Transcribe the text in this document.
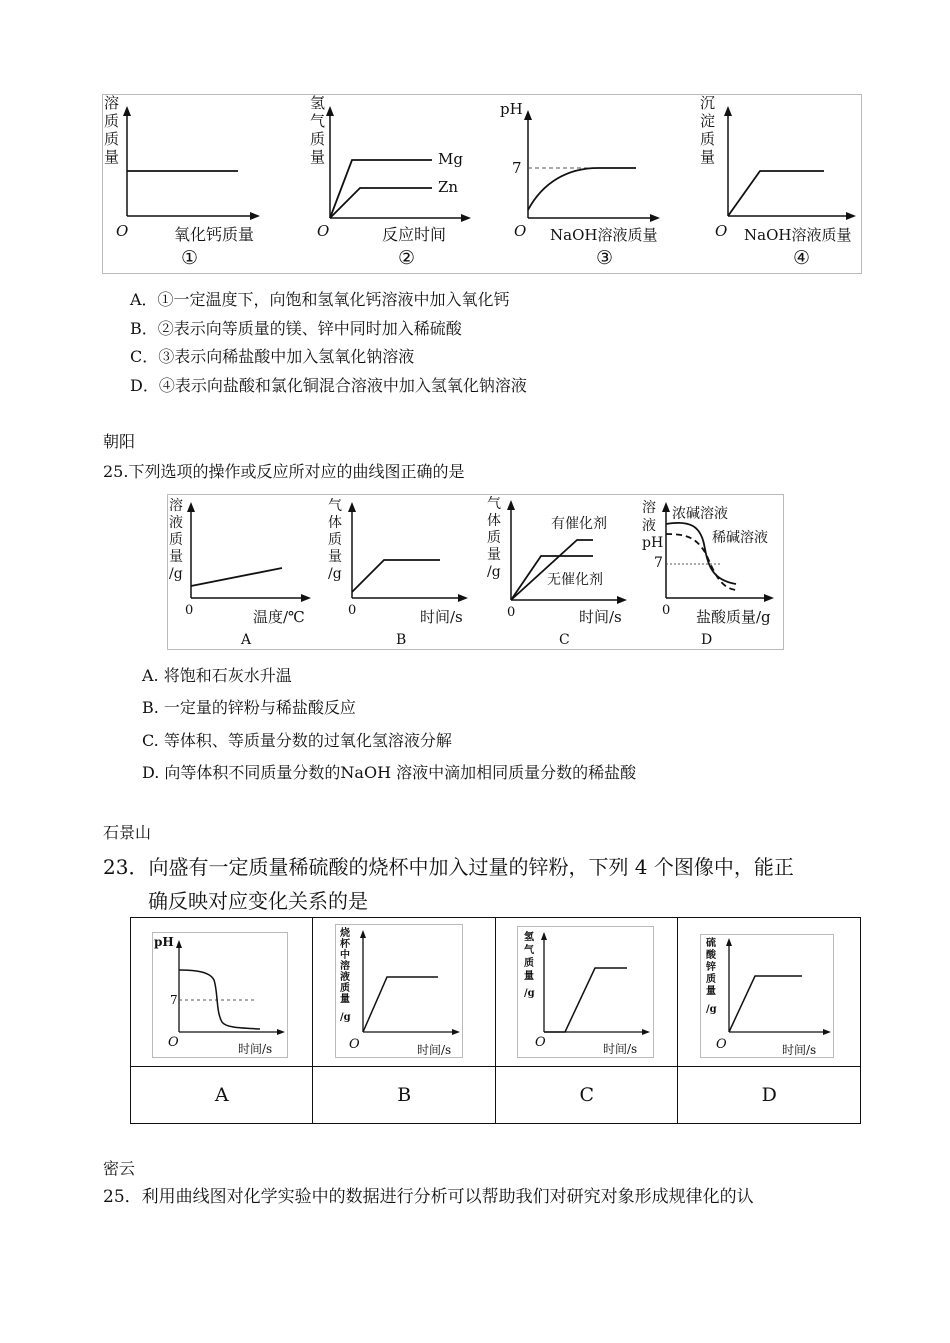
溶
质
质
量
O	氧化钙质量
①
氢
气
质
量	Mg
Zn
O	反应时间
②
pH
7
O NaOH溶液质量
③
沉
淀
质
量
O NaOH溶液质量
④
A．①一定温度下，向饱和氢氧化钙溶液中加入氧化钙
B．②表示向等质量的镁、锌中同时加入稀硫酸
C．③表示向稀盐酸中加入氢氧化钠溶液
D．④表示向盐酸和氯化铜混合溶液中加入氢氧化钠溶液
朝阳
25.下列选项的操作或反应所对应的曲线图正确的是
溶
液
质
量
/g
0	温度/℃
A
气
体
质
量
/g
0	时间/s
B
气
体
质
量
/g
有催化剂
无催化剂
0	时间/s
C
溶
液
pH
7
浓碱溶液
稀碱溶液
0 盐酸质量/g
D
A. 将饱和石灰水升温
B. 一定量的锌粉与稀盐酸反应
C. 等体积、等质量分数的过氧化氢溶液分解
D. 向等体积不同质量分数的NaOH 溶液中滴加相同质量分数的稀盐酸
石景山
23．向盛有一定质量稀硫酸的烧杯中加入过量的锌粉，下列 4 个图像中，能正
确反映对应变化关系的是

A	B	C	D
pH
7
O	时间/s
烧
杯
中
溶
液
质
量
/g
O	时间/s
氢
气
质
量
/g
O	时间/s
硫
酸
锌
质
量
/g
O	时间/s
密云
25．利用曲线图对化学实验中的数据进行分析可以帮助我们对研究对象形成规律化的认
